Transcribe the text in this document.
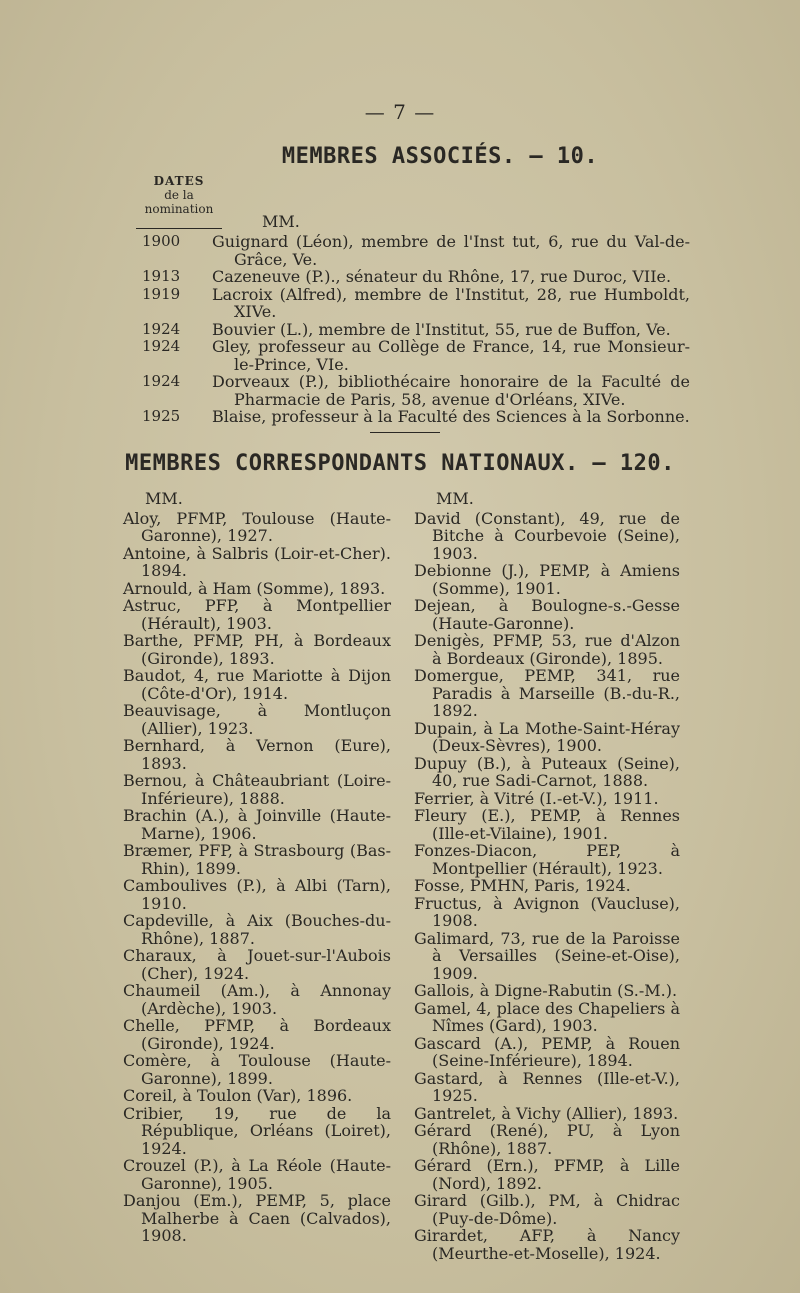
— 7 —
MEMBRES ASSOCIÉS. — 10.
DATES
de la
nomination
MM.
1900	Guignard (Léon), membre de l'Inst tut, 6, rue du Val-de-Grâce, Ve.
1913	Cazeneuve (P.)., sénateur du Rhône, 17, rue Duroc, VIIe.
1919	Lacroix (Alfred), membre de l'Institut, 28, rue Humboldt, XIVe.
1924	Bouvier (L.), membre de l'Institut, 55, rue de Buffon, Ve.
1924	Gley, professeur au Collège de France, 14, rue Monsieur-le-Prince, VIe.
1924	Dorveaux (P.), bibliothécaire honoraire de la Faculté de Pharmacie de Paris, 58, avenue d'Orléans, XIVe.
1925	Blaise, professeur à la Faculté des Sciences à la Sorbonne.
MEMBRES CORRESPONDANTS NATIONAUX. — 120.
MM.

Aloy, PFMP, Toulouse (Haute-Garonne), 1927.

Antoine, à Salbris (Loir-et-Cher). 1894.

Arnould, à Ham (Somme), 1893.

Astruc, PFP, à Montpellier (Hérault), 1903.

Barthe, PFMP, PH, à Bordeaux (Gironde), 1893.

Baudot, 4, rue Mariotte à Dijon (Côte-d'Or), 1914.

Beauvisage, à Montluçon (Allier), 1923.

Bernhard, à Vernon (Eure), 1893.

Bernou, à Châteaubriant (Loire-Inférieure), 1888.

Brachin (A.), à Joinville (Haute-Marne), 1906.

Bræmer, PFP, à Strasbourg (Bas-Rhin), 1899.

Camboulives (P.), à Albi (Tarn), 1910.

Capdeville, à Aix (Bouches-du-Rhône), 1887.

Charaux, à Jouet-sur-l'Aubois (Cher), 1924.

Chaumeil (Am.), à Annonay (Ardèche), 1903.

Chelle, PFMP, à Bordeaux (Gironde), 1924.

Comère, à Toulouse (Haute-Garonne), 1899.

Coreil, à Toulon (Var), 1896.

Cribier, 19, rue de la République, Orléans (Loiret), 1924.

Crouzel (P.), à La Réole (Haute-Garonne), 1905.

Danjou (Em.), PEMP, 5, place Malherbe à Caen (Calvados), 1908.

MM.

David (Constant), 49, rue de Bitche à Courbevoie (Seine), 1903.

Debionne (J.), PEMP, à Amiens (Somme), 1901.

Dejean, à Boulogne-s.-Gesse (Haute-Garonne).

Denigès, PFMP, 53, rue d'Alzon à Bordeaux (Gironde), 1895.

Domergue, PEMP, 341, rue Paradis à Marseille (B.-du-R., 1892.

Dupain, à La Mothe-Saint-Héray (Deux-Sèvres), 1900.

Dupuy (B.), à Puteaux (Seine), 40, rue Sadi-Carnot, 1888.

Ferrier, à Vitré (I.-et-V.), 1911.

Fleury (E.), PEMP, à Rennes (Ille-et-Vilaine), 1901.

Fonzes-Diacon, PEP, à Montpellier (Hérault), 1923.

Fosse, PMHN, Paris, 1924.

Fructus, à Avignon (Vaucluse), 1908.

Galimard, 73, rue de la Paroisse à Versailles (Seine-et-Oise), 1909.

Gallois, à Digne-Rabutin (S.-M.).

Gamel, 4, place des Chapeliers à Nîmes (Gard), 1903.

Gascard (A.), PEMP, à Rouen (Seine-Inférieure), 1894.

Gastard, à Rennes (Ille-et-V.), 1925.

Gantrelet, à Vichy (Allier), 1893.

Gérard (René), PU, à Lyon (Rhône), 1887.

Gérard (Ern.), PFMP, à Lille (Nord), 1892.

Girard (Gilb.), PM, à Chidrac (Puy-de-Dôme).

Girardet, AFP, à Nancy (Meurthe-et-Moselle), 1924.
